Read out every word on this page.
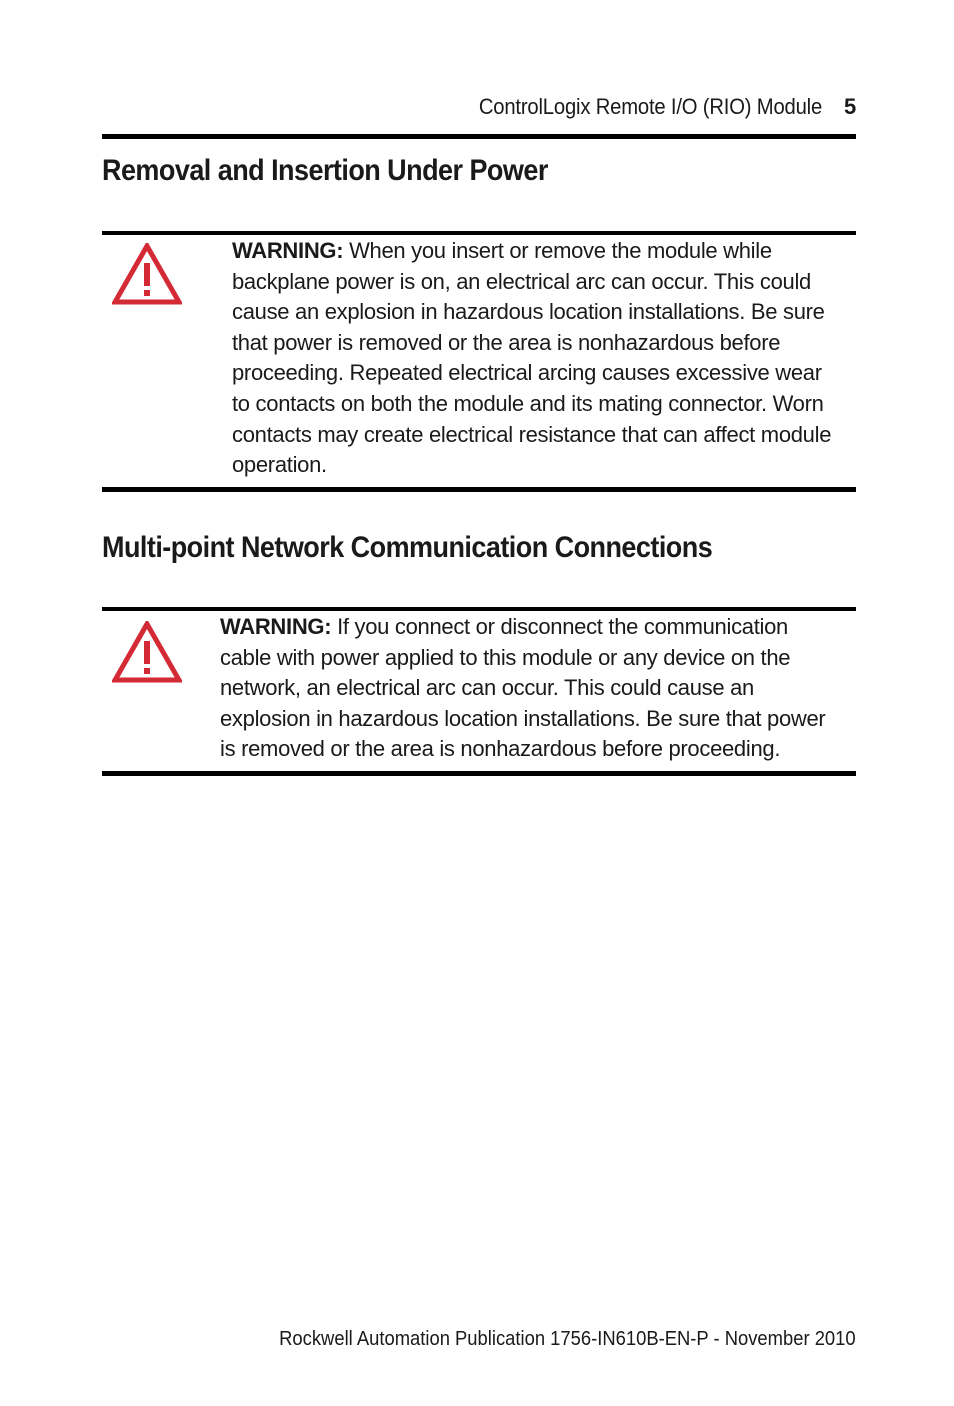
ControlLogix Remote I/O (RIO) Module 5
Removal and Insertion Under Power

WARNING: When you insert or remove the module while backplane power is on, an electrical arc can occur. This could cause an explosion in hazardous location installations. Be sure that power is removed or the area is nonhazardous before proceeding. Repeated electrical arcing causes excessive wear to contacts on both the module and its mating connector. Worn contacts may create electrical resistance that can affect module operation.

Multi-point Network Communication Connections

WARNING: If you connect or disconnect the communication cable with power applied to this module or any device on the network, an electrical arc can occur. This could cause an explosion in hazardous location installations. Be sure that power is removed or the area is nonhazardous before proceeding.

Rockwell Automation Publication 1756-IN610B-EN-P - November 2010
